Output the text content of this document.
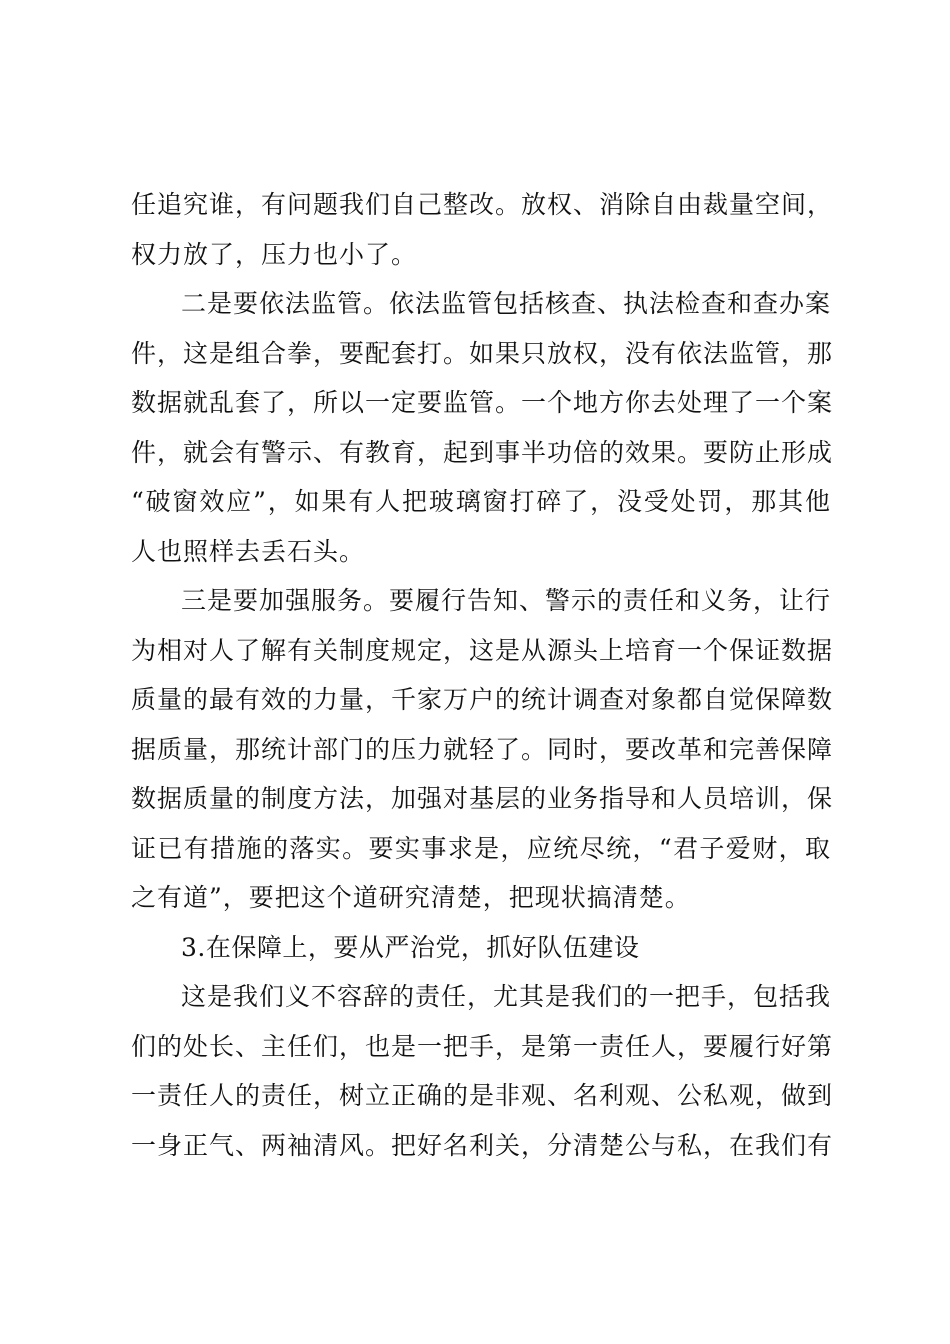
任追究谁，有问题我们自己整改。放权、消除自由裁量空间，
权力放了，压力也小了。
二是要依法监管。依法监管包括核查、执法检查和查办案
件，这是组合拳，要配套打。如果只放权，没有依法监管，那
数据就乱套了，所以一定要监管。一个地方你去处理了一个案
件，就会有警示、有教育，起到事半功倍的效果。要防止形成
“破窗效应”，如果有人把玻璃窗打碎了，没受处罚，那其他
人也照样去丢石头。
三是要加强服务。要履行告知、警示的责任和义务，让行
为相对人了解有关制度规定，这是从源头上培育一个保证数据
质量的最有效的力量，千家万户的统计调查对象都自觉保障数
据质量，那统计部门的压力就轻了。同时，要改革和完善保障
数据质量的制度方法，加强对基层的业务指导和人员培训，保
证已有措施的落实。要实事求是，应统尽统，“君子爱财，取
之有道”，要把这个道研究清楚，把现状搞清楚。
3.在保障上，要从严治党，抓好队伍建设
这是我们义不容辞的责任，尤其是我们的一把手，包括我
们的处长、主任们，也是一把手，是第一责任人，要履行好第
一责任人的责任，树立正确的是非观、名利观、公私观，做到
一身正气、两袖清风。把好名利关，分清楚公与私，在我们有
